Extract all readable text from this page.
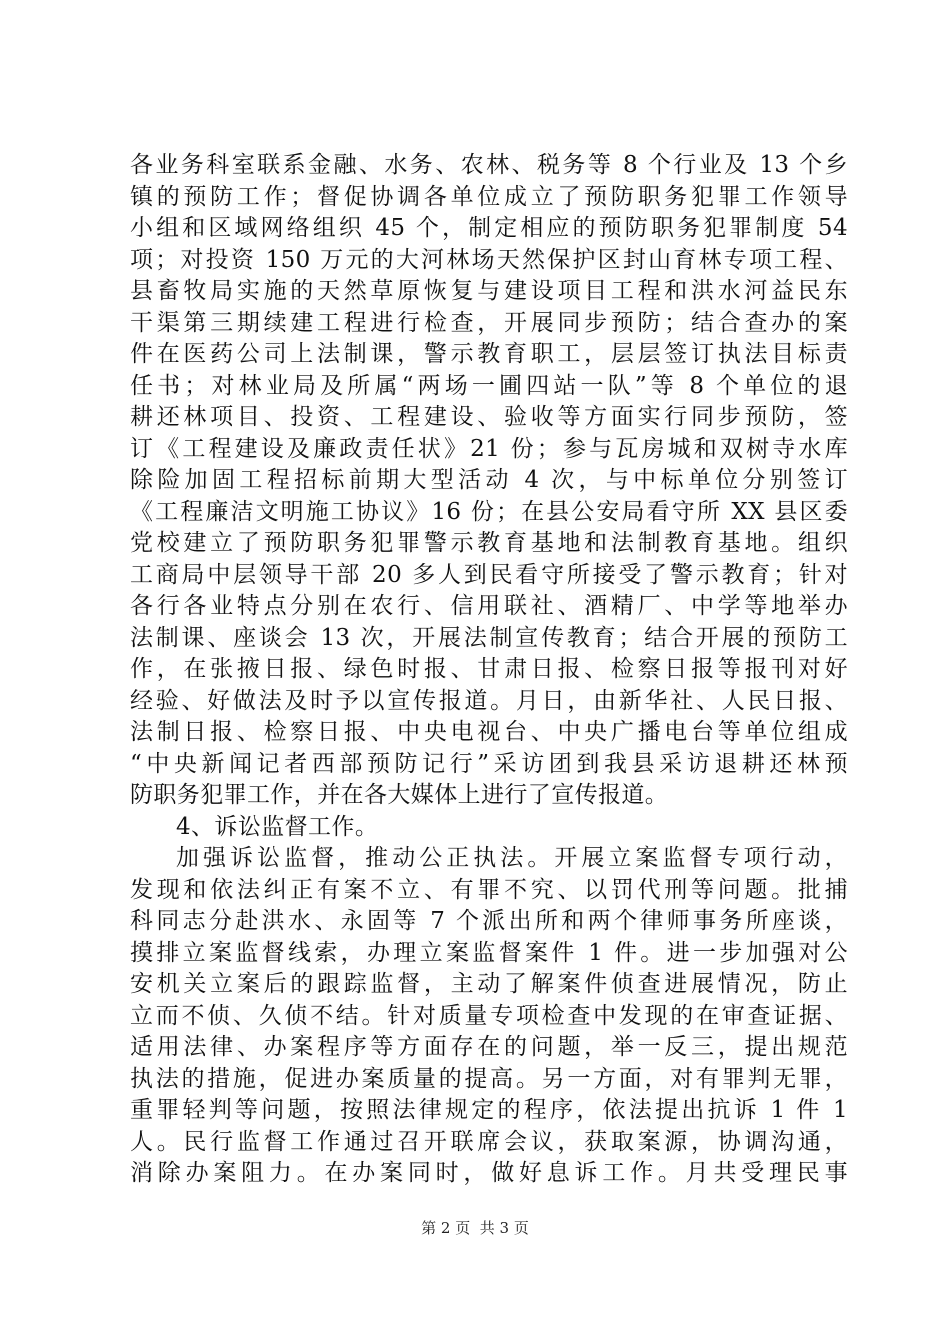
各业务科室联系金融、水务、农林、税务等 8 个行业及 13 个乡
镇的预防工作；督促协调各单位成立了预防职务犯罪工作领导
小组和区域网络组织 45 个，制定相应的预防职务犯罪制度 54
项；对投资 150 万元的大河林场天然保护区封山育林专项工程、
县畜牧局实施的天然草原恢复与建设项目工程和洪水河益民东
干渠第三期续建工程进行检查，开展同步预防；结合查办的案
件在医药公司上法制课，警示教育职工，层层签订执法目标责
任书；对林业局及所属“两场一圃四站一队”等 8 个单位的退
耕还林项目、投资、工程建设、验收等方面实行同步预防，签
订《工程建设及廉政责任状》21 份；参与瓦房城和双树寺水库
除险加固工程招标前期大型活动 4 次，与中标单位分别签订
《工程廉洁文明施工协议》16 份；在县公安局看守所 XX 县区委
党校建立了预防职务犯罪警示教育基地和法制教育基地。组织
工商局中层领导干部 20 多人到民看守所接受了警示教育；针对
各行各业特点分别在农行、信用联社、酒精厂、中学等地举办
法制课、座谈会 13 次，开展法制宣传教育；结合开展的预防工
作，在张掖日报、绿色时报、甘肃日报、检察日报等报刊对好
经验、好做法及时予以宣传报道。月日，由新华社、人民日报、
法制日报、检察日报、中央电视台、中央广播电台等单位组成
“中央新闻记者西部预防记行”采访团到我县采访退耕还林预
防职务犯罪工作，并在各大媒体上进行了宣传报道。
4、诉讼监督工作。
加强诉讼监督，推动公正执法。开展立案监督专项行动，
发现和依法纠正有案不立、有罪不究、以罚代刑等问题。批捕
科同志分赴洪水、永固等 7 个派出所和两个律师事务所座谈，
摸排立案监督线索，办理立案监督案件 1 件。进一步加强对公
安机关立案后的跟踪监督，主动了解案件侦查进展情况，防止
立而不侦、久侦不结。针对质量专项检查中发现的在审查证据、
适用法律、办案程序等方面存在的问题，举一反三，提出规范
执法的措施，促进办案质量的提高。另一方面，对有罪判无罪，
重罪轻判等问题，按照法律规定的程序，依法提出抗诉 1 件 1
人。民行监督工作通过召开联席会议，获取案源，协调沟通，
消除办案阻力。在办案同时，做好息诉工作。月共受理民事
第 2 页  共 3 页
